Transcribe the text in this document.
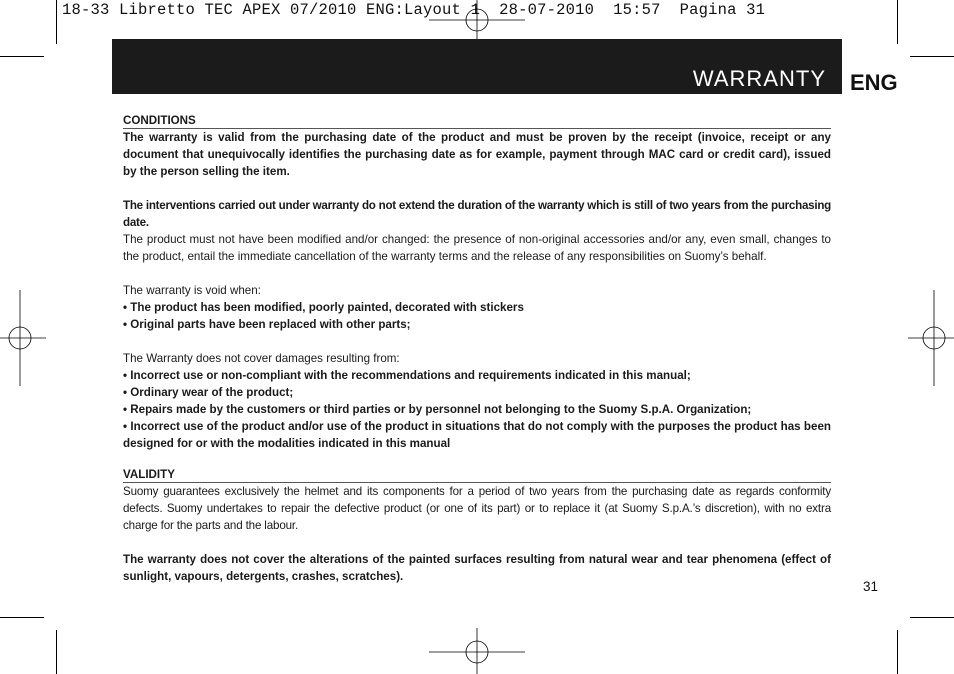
18-33 Libretto TEC APEX 07/2010 ENG:Layout 1  28-07-2010  15:57  Pagina 31
WARRANTY ENG
CONDITIONS

The warranty is valid from the purchasing date of the product and must be proven by the receipt (invoice, receipt or any document that unequivocally identifies the purchasing date as for example, payment through MAC card or credit card), issued by the person selling the item.

The interventions carried out under warranty do not extend the duration of the warranty which is still of two years from the purchasing date.

The product must not have been modified and/or changed: the presence of non-original accessories and/or any, even small, changes to the product, entail the immediate cancellation of the warranty terms and the release of any responsibilities on Suomy’s behalf.

The warranty is void when:

• The product has been modified, poorly painted, decorated with stickers

• Original parts have been replaced with other parts;

The Warranty does not cover damages resulting from:

• Incorrect use or non-compliant with the recommendations and requirements indicated in this manual;

• Ordinary wear of the product;

• Repairs made by the customers or third parties or by personnel not belonging to the Suomy S.p.A. Organization;

• Incorrect use of the product and/or use of the product in situations that do not comply with the purposes the product has been designed for or with the modalities indicated in this manual

VALIDITY

Suomy guarantees exclusively the helmet and its components for a period of two years from the purchasing date as regards conformity defects. Suomy undertakes to repair the defective product (or one of its part) or to replace it (at Suomy S.p.A.’s discretion), with no extra charge for the parts and the labour.

The warranty does not cover the alterations of the painted surfaces resulting from natural wear and tear phenomena (effect of sunlight, vapours, detergents, crashes, scratches).

31
